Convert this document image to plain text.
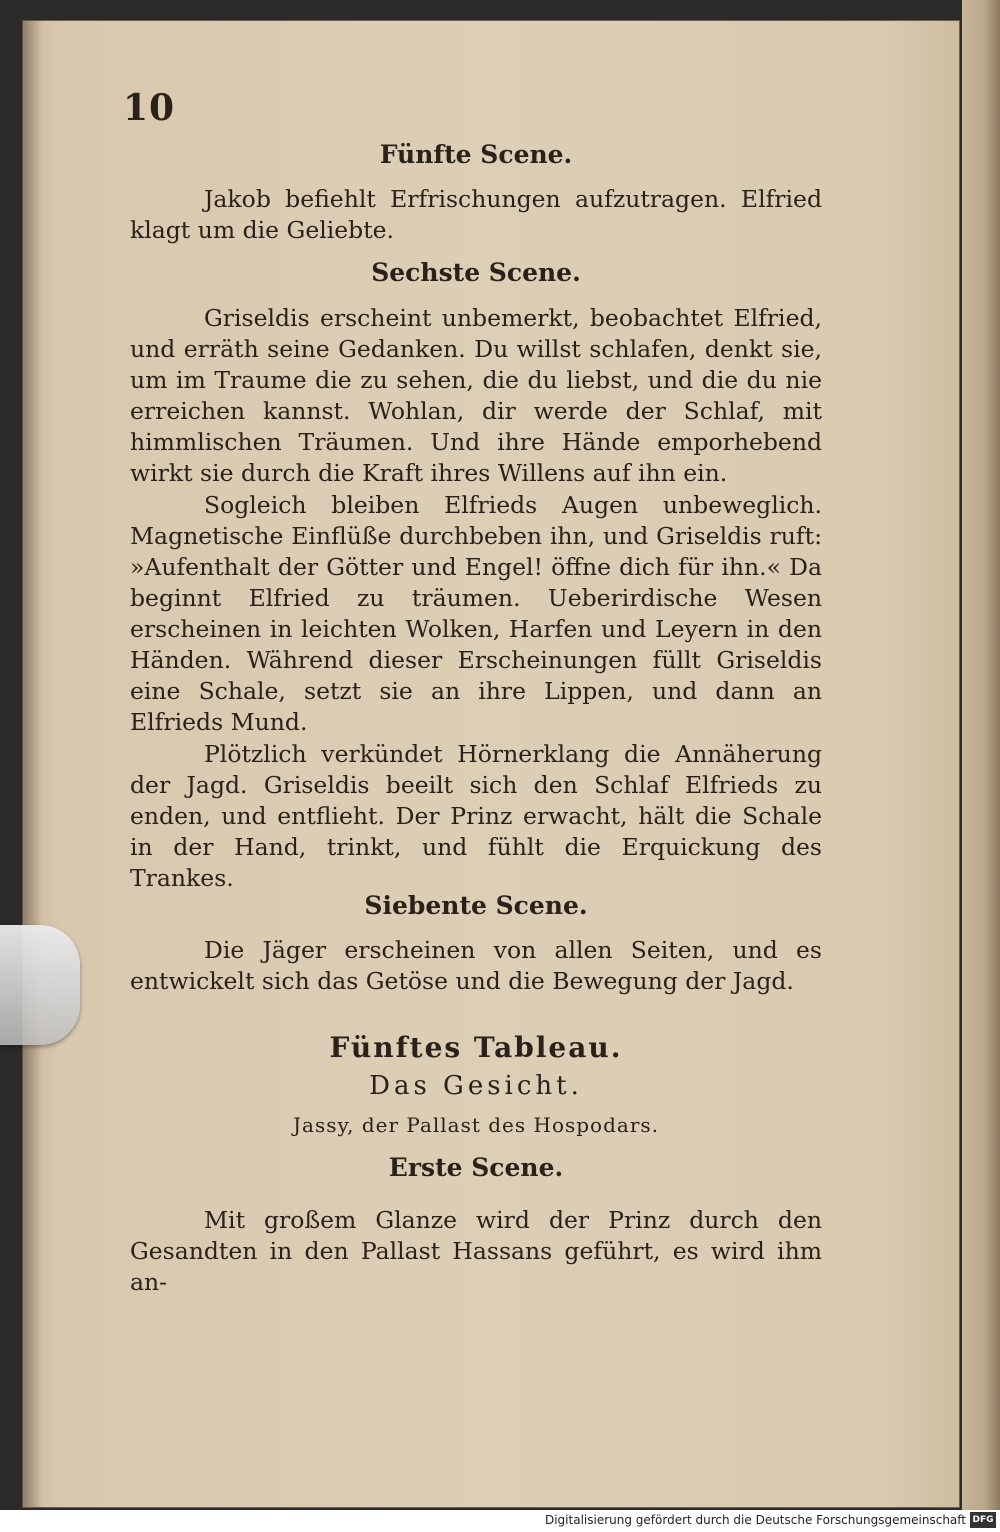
10
Fünfte Scene.
Jakob befiehlt Erfrischungen aufzutragen. Elfried klagt um die Geliebte.
Sechste Scene.
Griseldis erscheint unbemerkt, beobachtet Elfried, und erräth seine Gedanken. Du willst schlafen, denkt sie, um im Traume die zu sehen, die du liebst, und die du nie erreichen kannst. Wohlan, dir werde der Schlaf, mit himmlischen Träumen. Und ihre Hände emporhebend wirkt sie durch die Kraft ihres Willens auf ihn ein.
Sogleich bleiben Elfrieds Augen unbeweglich. Magnetische Einflüße durchbeben ihn, und Griseldis ruft: »Aufenthalt der Götter und Engel! öffne dich für ihn.« Da beginnt Elfried zu träumen. Ueberirdische Wesen erscheinen in leichten Wolken, Harfen und Leyern in den Händen. Während dieser Erscheinungen füllt Griseldis eine Schale, setzt sie an ihre Lippen, und dann an Elfrieds Mund.
Plötzlich verkündet Hörnerklang die Annäherung der Jagd. Griseldis beeilt sich den Schlaf Elfrieds zu enden, und entflieht. Der Prinz erwacht, hält die Schale in der Hand, trinkt, und fühlt die Erquickung des Trankes.
Siebente Scene.
Die Jäger erscheinen von allen Seiten, und es entwickelt sich das Getöse und die Bewegung der Jagd.
Fünftes Tableau.
Das Gesicht.
Jassy, der Pallast des Hospodars.
Erste Scene.
Mit großem Glanze wird der Prinz durch den Gesandten in den Pallast Hassans geführt, es wird ihm an-
Digitalisierung gefördert durch die Deutsche Forschungsgemeinschaft DFG
